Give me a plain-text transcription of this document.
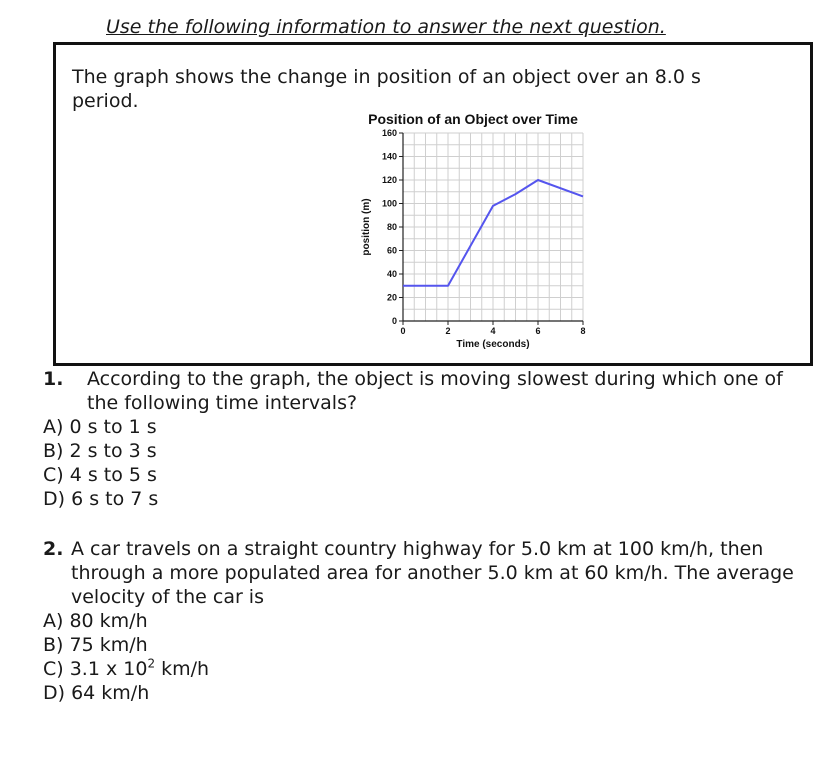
Use the following information to answer the next question.
The graph shows the change in position of an object over an 8.0 s period.
Position of an Object over Time
0
20
40
60
80
100
120
140
160
0	2	4	6	8
Time (seconds)
position (m)
1.	According to the graph, the object is moving slowest during which one of the following time intervals?
A) 0 s to 1 s
B) 2 s to 3 s
C) 4 s to 5 s
D) 6 s to 7 s
2. A car travels on a straight country highway for 5.0 km at 100 km/h, then through a more populated area for another 5.0 km at 60 km/h. The average velocity of the car is
A) 80 km/h
B) 75 km/h
C) 3.1 x $10^2$ km/h
D) 64 km/h
